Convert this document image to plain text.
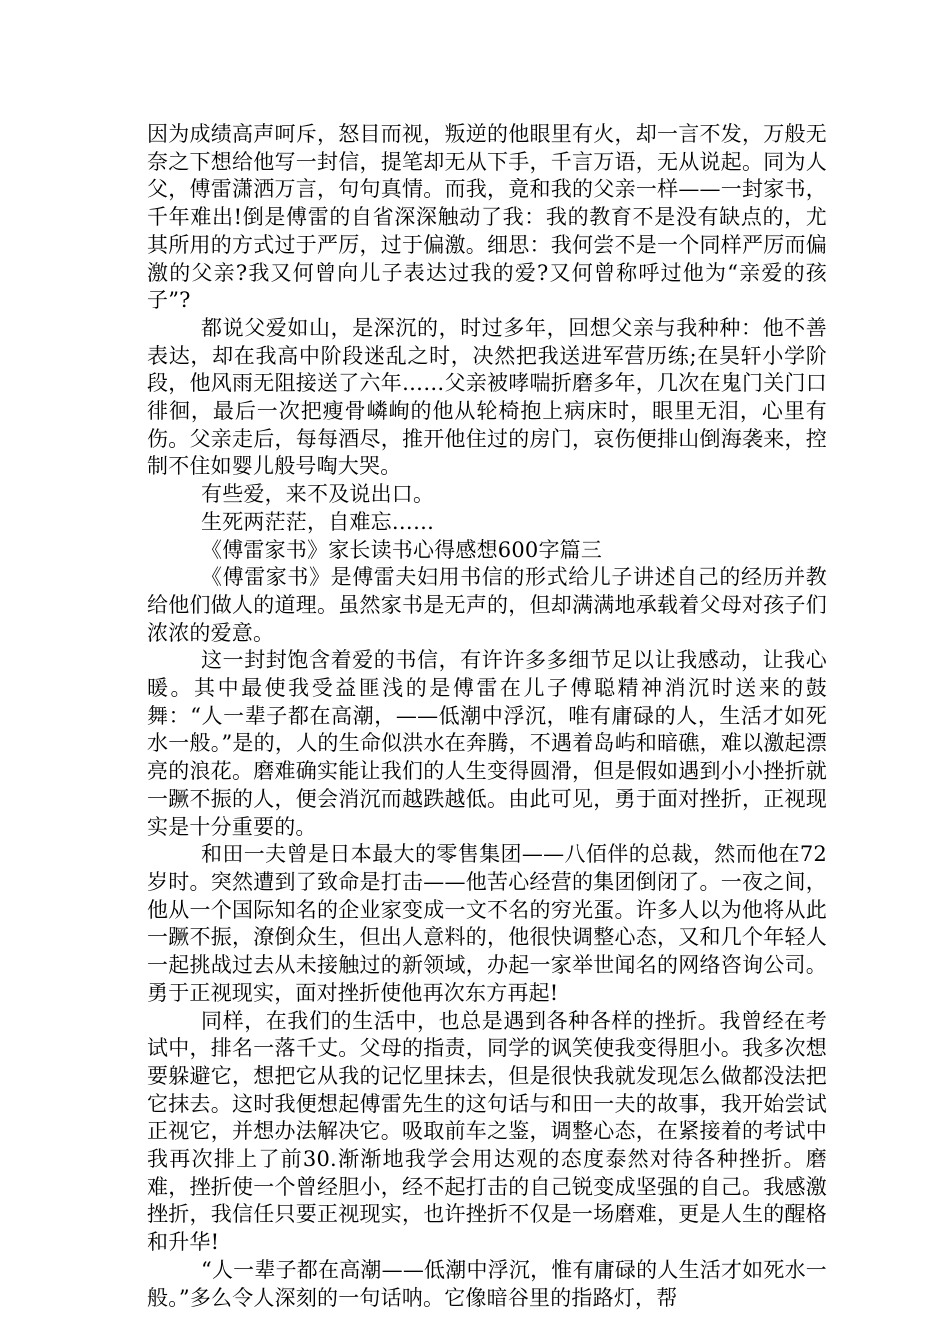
因为成绩高声呵斥，怒目而视，叛逆的他眼里有火，却一言不发，万般无奈之下想给他写一封信，提笔却无从下手，千言万语，无从说起。同为人父，傅雷潇洒万言，句句真情。而我，竟和我的父亲一样——一封家书，千年难出!倒是傅雷的自省深深触动了我：我的教育不是没有缺点的，尤其所用的方式过于严厉，过于偏激。细思：我何尝不是一个同样严厉而偏激的父亲?我又何曾向儿子表达过我的爱?又何曾称呼过他为“亲爱的孩子”?

都说父爱如山，是深沉的，时过多年，回想父亲与我种种：他不善表达，却在我高中阶段迷乱之时，决然把我送进军营历练;在昊轩小学阶段，他风雨无阻接送了六年……父亲被哮喘折磨多年，几次在鬼门关门口徘徊，最后一次把瘦骨嶙峋的他从轮椅抱上病床时，眼里无泪，心里有伤。父亲走后，每每酒尽，推开他住过的房门，哀伤便排山倒海袭来，控制不住如婴儿般号啕大哭。

有些爱，来不及说出口。

生死两茫茫，自难忘……

《傅雷家书》家长读书心得感想600字篇三

《傅雷家书》是傅雷夫妇用书信的形式给儿子讲述自己的经历并教给他们做人的道理。虽然家书是无声的，但却满满地承载着父母对孩子们浓浓的爱意。

这一封封饱含着爱的书信，有许许多多细节足以让我感动，让我心暖。其中最使我受益匪浅的是傅雷在儿子傅聪精神消沉时送来的鼓舞：“人一辈子都在高潮，——低潮中浮沉，唯有庸碌的人，生活才如死水一般。”是的，人的生命似洪水在奔腾，不遇着岛屿和暗礁，难以激起漂亮的浪花。磨难确实能让我们的人生变得圆滑，但是假如遇到小小挫折就一蹶不振的人，便会消沉而越跌越低。由此可见，勇于面对挫折，正视现实是十分重要的。

和田一夫曾是日本最大的零售集团——八佰伴的总裁，然而他在72岁时。突然遭到了致命是打击——他苦心经营的集团倒闭了。一夜之间，他从一个国际知名的企业家变成一文不名的穷光蛋。许多人以为他将从此一蹶不振，潦倒众生，但出人意料的，他很快调整心态，又和几个年轻人一起挑战过去从未接触过的新领域，办起一家举世闻名的网络咨询公司。勇于正视现实，面对挫折使他再次东方再起!

同样，在我们的生活中，也总是遇到各种各样的挫折。我曾经在考试中，排名一落千丈。父母的指责，同学的讽笑使我变得胆小。我多次想要躲避它，想把它从我的记忆里抹去，但是很快我就发现怎么做都没法把它抹去。这时我便想起傅雷先生的这句话与和田一夫的故事，我开始尝试正视它，并想办法解决它。吸取前车之鉴，调整心态，在紧接着的考试中我再次排上了前30.渐渐地我学会用达观的态度泰然对待各种挫折。磨难，挫折使一个曾经胆小，经不起打击的自己锐变成坚强的自己。我感激挫折，我信任只要正视现实，也许挫折不仅是一场磨难，更是人生的醒格和升华!

“人一辈子都在高潮——低潮中浮沉，惟有庸碌的人生活才如死水一般。”多么令人深刻的一句话呐。它像暗谷里的指路灯，帮
